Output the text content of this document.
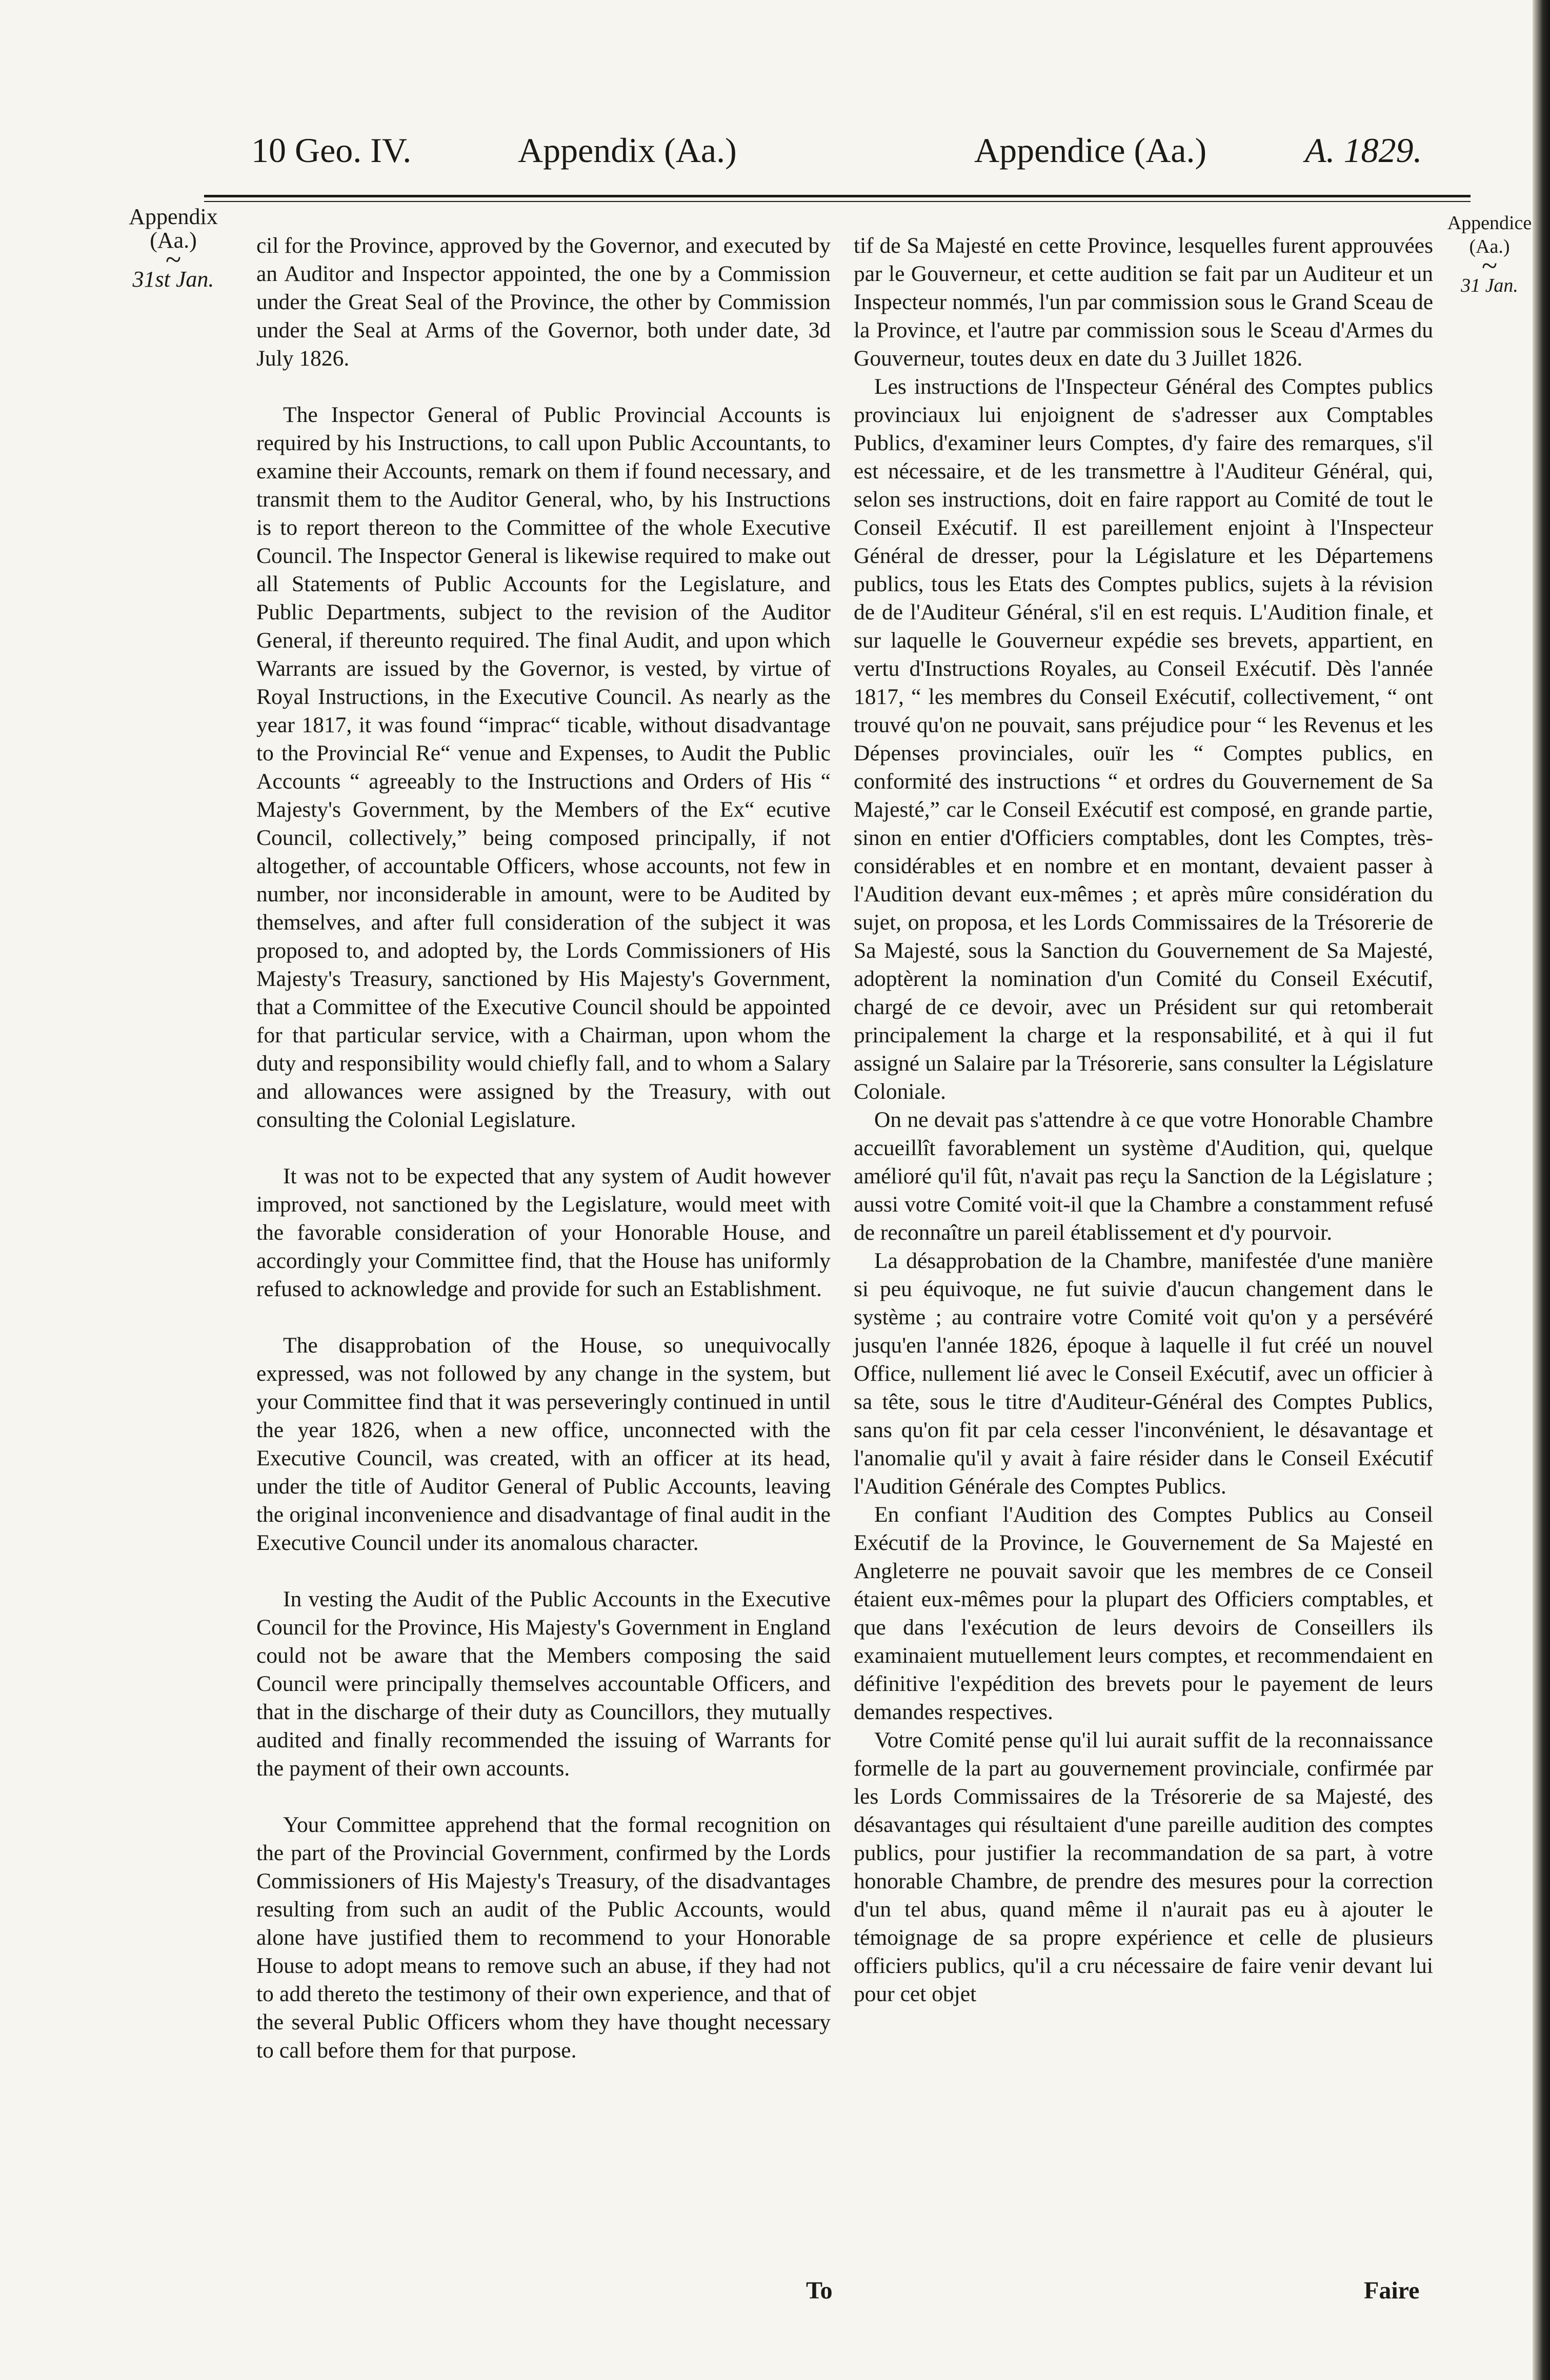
10 Geo. IV.	Appendix (Aa.)	Appendice (Aa.)	A. 1829.
Appendix
(Aa.)
~
31st Jan.
Appendice
(Aa.)
~
31 Jan.

cil for the Province, approved by the Governor, and executed by an Auditor and Inspector appointed, the one by a Commission under the Great Seal of the Province, the other by Commission under the Seal at Arms of the Governor, both under date, 3d July 1826.

The Inspector General of Public Provincial Accounts is required by his Instructions, to call upon Public Accountants, to examine their Accounts, remark on them if found necessary, and transmit them to the Auditor General, who, by his Instructions is to report thereon to the Committee of the whole Executive Council. The Inspector General is likewise required to make out all Statements of Public Accounts for the Legislature, and Public Departments, subject to the revision of the Auditor General, if thereunto required. The final Audit, and upon which Warrants are issued by the Governor, is vested, by virtue of Royal Instructions, in the Executive Council. As nearly as the year 1817, it was found “imprac“ ticable, without disadvantage to the Provincial Re“ venue and Expenses, to Audit the Public Accounts “ agreeably to the Instructions and Orders of His “ Majesty's Government, by the Members of the Ex“ ecutive Council, collectively,” being composed principally, if not altogether, of accountable Officers, whose accounts, not few in number, nor inconsiderable in amount, were to be Audited by themselves, and after full consideration of the subject it was proposed to, and adopted by, the Lords Commissioners of His Majesty's Treasury, sanctioned by His Majesty's Government, that a Committee of the Executive Council should be appointed for that particular service, with a Chairman, upon whom the duty and responsibility would chiefly fall, and to whom a Salary and allowances were assigned by the Treasury, with out consulting the Colonial Legislature.

It was not to be expected that any system of Audit however improved, not sanctioned by the Legislature, would meet with the favorable consideration of your Honorable House, and accordingly your Committee find, that the House has uniformly refused to acknowledge and provide for such an Establishment.

The disapprobation of the House, so unequivocally expressed, was not followed by any change in the system, but your Committee find that it was perseveringly continued in until the year 1826, when a new office, unconnected with the Executive Council, was created, with an officer at its head, under the title of Auditor General of Public Accounts, leaving the original inconvenience and disadvantage of final audit in the Executive Council under its anomalous character.

In vesting the Audit of the Public Accounts in the Executive Council for the Province, His Majesty's Government in England could not be aware that the Members composing the said Council were principally themselves accountable Officers, and that in the discharge of their duty as Councillors, they mutually audited and finally recommended the issuing of Warrants for the payment of their own accounts.

Your Committee apprehend that the formal recognition on the part of the Provincial Government, confirmed by the Lords Commissioners of His Majesty's Treasury, of the disadvantages resulting from such an audit of the Public Accounts, would alone have justified them to recommend to your Honorable House to adopt means to remove such an abuse, if they had not to add thereto the testimony of their own experience, and that of the several Public Officers whom they have thought necessary to call before them for that purpose.

tif de Sa Majesté en cette Province, lesquelles furent approuvées par le Gouverneur, et cette audition se fait par un Auditeur et un Inspecteur nommés, l'un par commission sous le Grand Sceau de la Province, et l'autre par commission sous le Sceau d'Armes du Gouverneur, toutes deux en date du 3 Juillet 1826.

Les instructions de l'Inspecteur Général des Comptes publics provinciaux lui enjoignent de s'adresser aux Comptables Publics, d'examiner leurs Comptes, d'y faire des remarques, s'il est nécessaire, et de les transmettre à l'Auditeur Général, qui, selon ses instructions, doit en faire rapport au Comité de tout le Conseil Exécutif. Il est pareillement enjoint à l'Inspecteur Général de dresser, pour la Législature et les Départemens publics, tous les Etats des Comptes publics, sujets à la révision de de l'Auditeur Général, s'il en est requis. L'Audition finale, et sur laquelle le Gouverneur expédie ses brevets, appartient, en vertu d'Instructions Royales, au Conseil Exécutif. Dès l'année 1817, “ les membres du Conseil Exécutif, collectivement, “ ont trouvé qu'on ne pouvait, sans préjudice pour “ les Revenus et les Dépenses provinciales, ouïr les “ Comptes publics, en conformité des instructions “ et ordres du Gouvernement de Sa Majesté,” car le Conseil Exécutif est composé, en grande partie, sinon en entier d'Officiers comptables, dont les Comptes, très-considérables et en nombre et en montant, devaient passer à l'Audition devant eux-mêmes ; et après mûre considération du sujet, on proposa, et les Lords Commissaires de la Trésorerie de Sa Majesté, sous la Sanction du Gouvernement de Sa Majesté, adoptèrent la nomination d'un Comité du Conseil Exécutif, chargé de ce devoir, avec un Président sur qui retomberait principalement la charge et la responsabilité, et à qui il fut assigné un Salaire par la Trésorerie, sans consulter la Législature Coloniale.

On ne devait pas s'attendre à ce que votre Honorable Chambre accueillît favorablement un système d'Audition, qui, quelque amélioré qu'il fût, n'avait pas reçu la Sanction de la Législature ; aussi votre Comité voit-il que la Chambre a constamment refusé de reconnaître un pareil établissement et d'y pourvoir.

La désapprobation de la Chambre, manifestée d'une manière si peu équivoque, ne fut suivie d'aucun changement dans le système ; au contraire votre Comité voit qu'on y a persévéré jusqu'en l'année 1826, époque à laquelle il fut créé un nouvel Office, nullement lié avec le Conseil Exécutif, avec un officier à sa tête, sous le titre d'Auditeur-Général des Comptes Publics, sans qu'on fit par cela cesser l'inconvénient, le désavantage et l'anomalie qu'il y avait à faire résider dans le Conseil Exécutif l'Audition Générale des Comptes Publics.

En confiant l'Audition des Comptes Publics au Conseil Exécutif de la Province, le Gouvernement de Sa Majesté en Angleterre ne pouvait savoir que les membres de ce Conseil étaient eux-mêmes pour la plupart des Officiers comptables, et que dans l'exécution de leurs devoirs de Conseillers ils examinaient mutuellement leurs comptes, et recommendaient en définitive l'expédition des brevets pour le payement de leurs demandes respectives.

Votre Comité pense qu'il lui aurait suffit de la reconnaissance formelle de la part au gouvernement provinciale, confirmée par les Lords Commissaires de la Trésorerie de sa Majesté, des désavantages qui résultaient d'une pareille audition des comptes publics, pour justifier la recommandation de sa part, à votre honorable Chambre, de prendre des mesures pour la correction d'un tel abus, quand même il n'aurait pas eu à ajouter le témoignage de sa propre expérience et celle de plusieurs officiers publics, qu'il a cru nécessaire de faire venir devant lui pour cet objet

To	Faire
